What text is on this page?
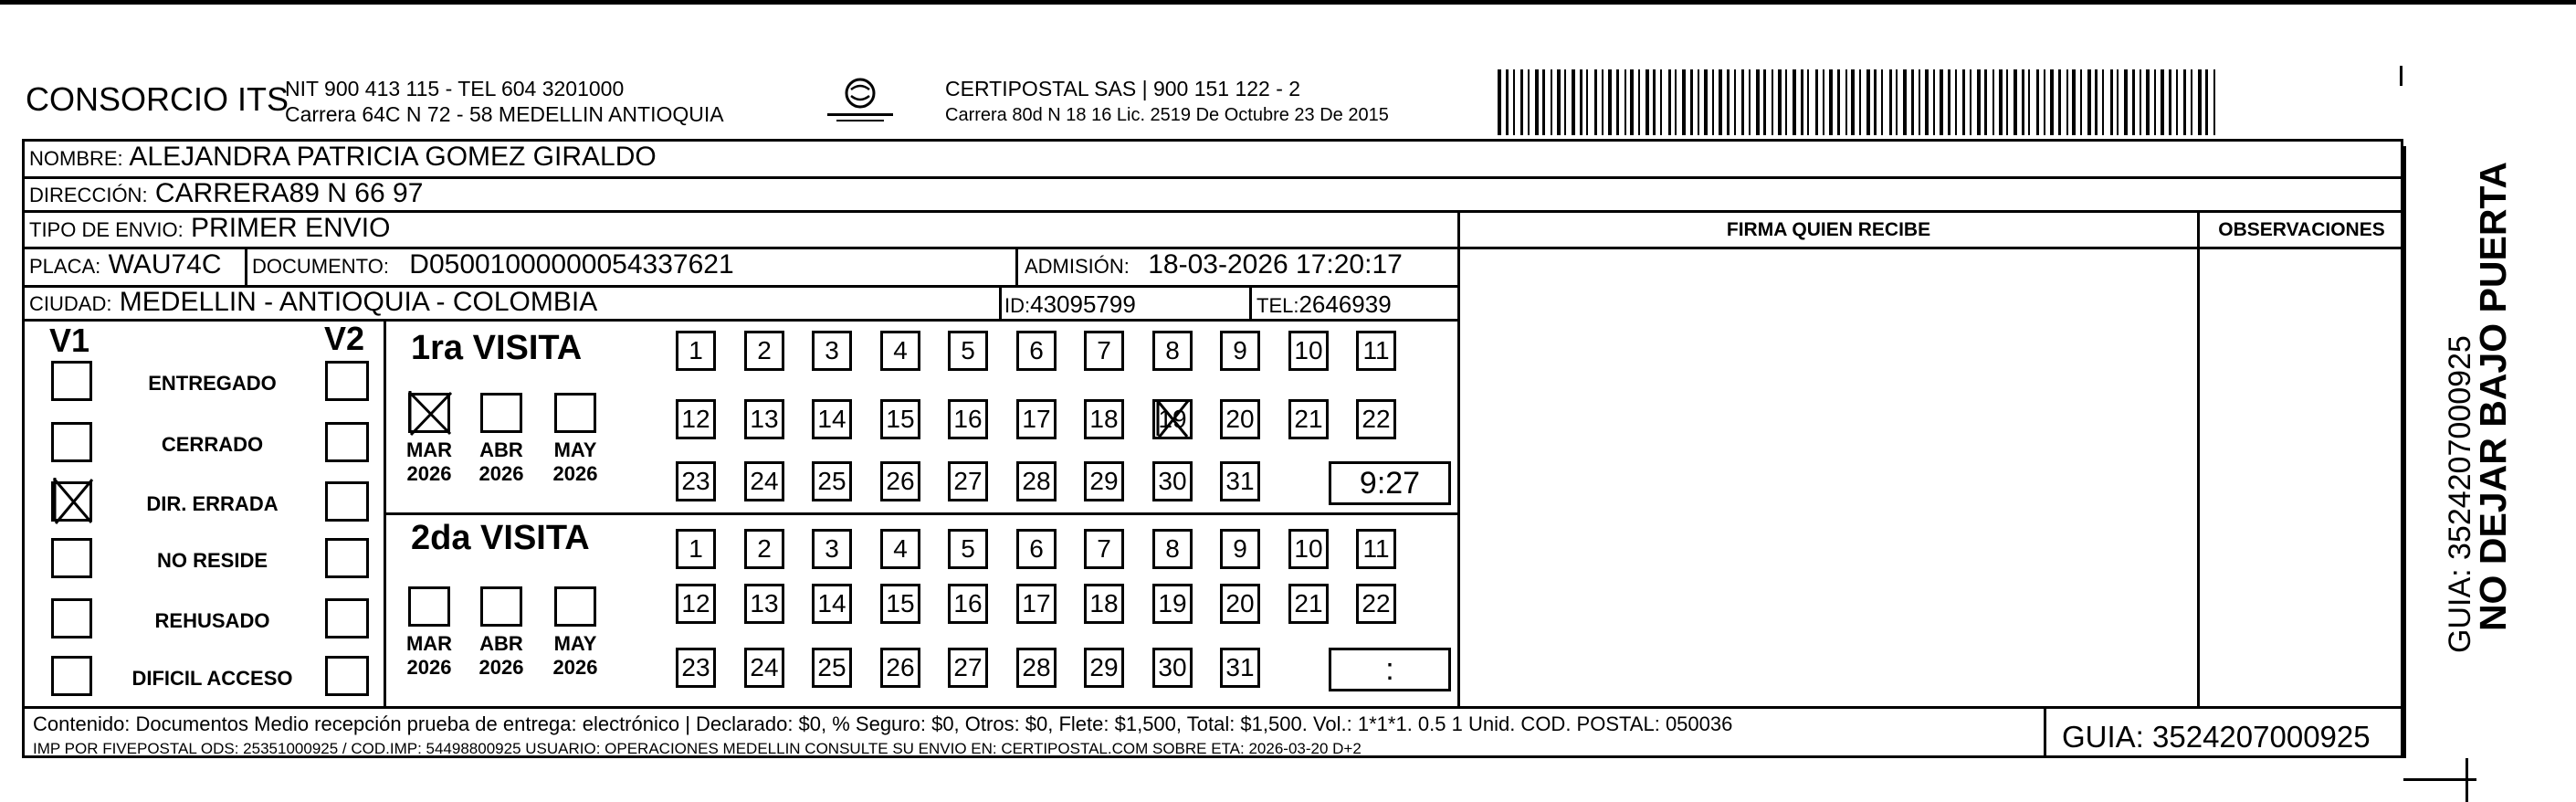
CONSORCIO ITS
NIT 900 413 115 - TEL 604 3201000
Carrera 64C N 72 - 58 MEDELLIN ANTIOQUIA
CERTIPOSTAL SAS | 900 151 122 - 2
Carrera 80d N 18 16 Lic. 2519 De Octubre 23 De 2015
NOMBRE: ALEJANDRA PATRICIA GOMEZ GIRALDO
DIRECCIÓN: CARRERA89 N 66 97
TIPO DE ENVIO: PRIMER ENVIO
PLACA: WAU74C DOCUMENTO: D05001000000054337621	ADMISIÓN: 18-03-2026 17:20:17
CIUDAD: MEDELLIN - ANTIOQUIA - COLOMBIA	ID:43095799	TEL:2646939
FIRMA QUIEN RECIBE	OBSERVACIONES
V1	V2
ENTREGADO
CERRADO
DIR. ERRADA
NO RESIDE
REHUSADO
DIFICIL ACCESO
1ra VISITA
2da VISITA
MAR
2026
ABR
2026
MAY
2026
MAR
2026
ABR
2026
MAY
2026
1	2	3	4	5	6	7	8	9	10 11
12 13 14 15 16 17 18 19 20 21 22
23 24 25 26 27 28 29 30 31	9:27
1	2	3	4	5	6	7	8	9	10 11
12 13 14 15 16 17 18 19 20 21 22
23 24 25 26 27 28 29 30 31	:
Contenido: Documentos Medio recepción prueba de entrega: electrónico | Declarado: $0, % Seguro: $0, Otros: $0, Flete: $1,500, Total: $1,500. Vol.: 1*1*1. 0.5 1 Unid. COD. POSTAL: 050036
IMP POR FIVEPOSTAL ODS: 25351000925 / COD.IMP: 54498800925 USUARIO: OPERACIONES MEDELLIN CONSULTE SU ENVIO EN: CERTIPOSTAL.COM SOBRE ETA: 2026-03-20 D+2	GUIA: 3524207000925
NO DEJAR BAJO PUERTA
GUIA: 3524207000925
